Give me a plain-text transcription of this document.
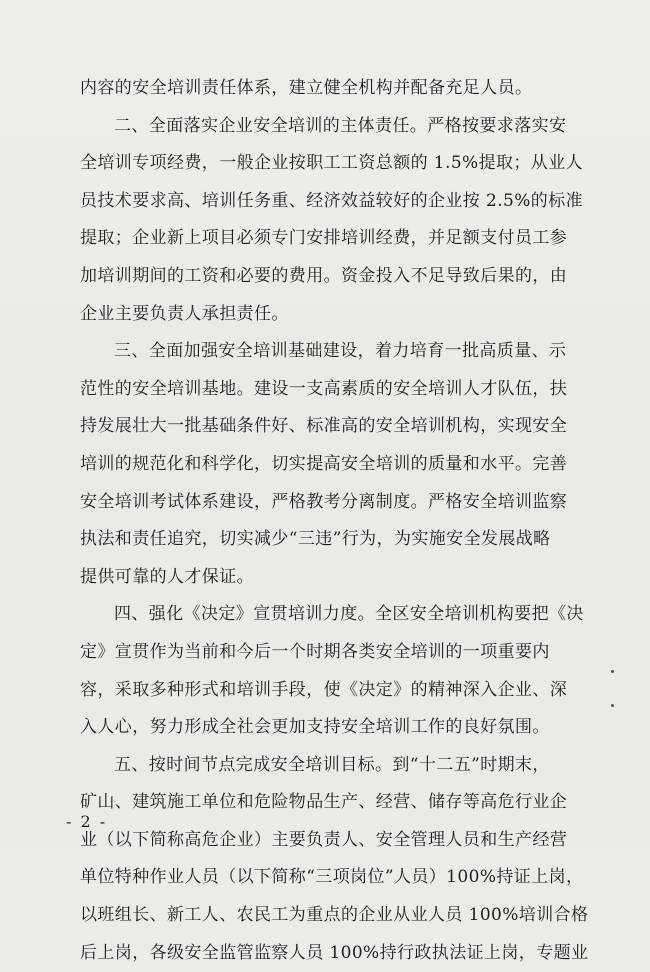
内容的安全培训责任体系，建立健全机构并配备充足人员。
二、全面落实企业安全培训的主体责任。严格按要求落实安
全培训专项经费，一般企业按职工工资总额的 1.5%提取；从业人
员技术要求高、培训任务重、经济效益较好的企业按 2.5%的标准
提取；企业新上项目必须专门安排培训经费，并足额支付员工参
加培训期间的工资和必要的费用。资金投入不足导致后果的，由
企业主要负责人承担责任。
三、全面加强安全培训基础建设，着力培育一批高质量、示
范性的安全培训基地。建设一支高素质的安全培训人才队伍，扶
持发展壮大一批基础条件好、标准高的安全培训机构，实现安全
培训的规范化和科学化，切实提高安全培训的质量和水平。完善
安全培训考试体系建设，严格教考分离制度。严格安全培训监察
执法和责任追究，切实减少“三违”行为，为实施安全发展战略
提供可靠的人才保证。
四、强化《决定》宣贯培训力度。全区安全培训机构要把《决
定》宣贯作为当前和今后一个时期各类安全培训的一项重要内
容，采取多种形式和培训手段，使《决定》的精神深入企业、深
入人心，努力形成全社会更加支持安全培训工作的良好氛围。
五、按时间节点完成安全培训目标。到“十二五”时期末，
矿山、建筑施工单位和危险物品生产、经营、储存等高危行业企
业（以下简称高危企业）主要负责人、安全管理人员和生产经营
单位特种作业人员（以下简称“三项岗位”人员）100%持证上岗，
以班组长、新工人、农民工为重点的企业从业人员 100%培训合格
后上岗，各级安全监管监察人员 100%持行政执法证上岗，专题业
- 2 -
